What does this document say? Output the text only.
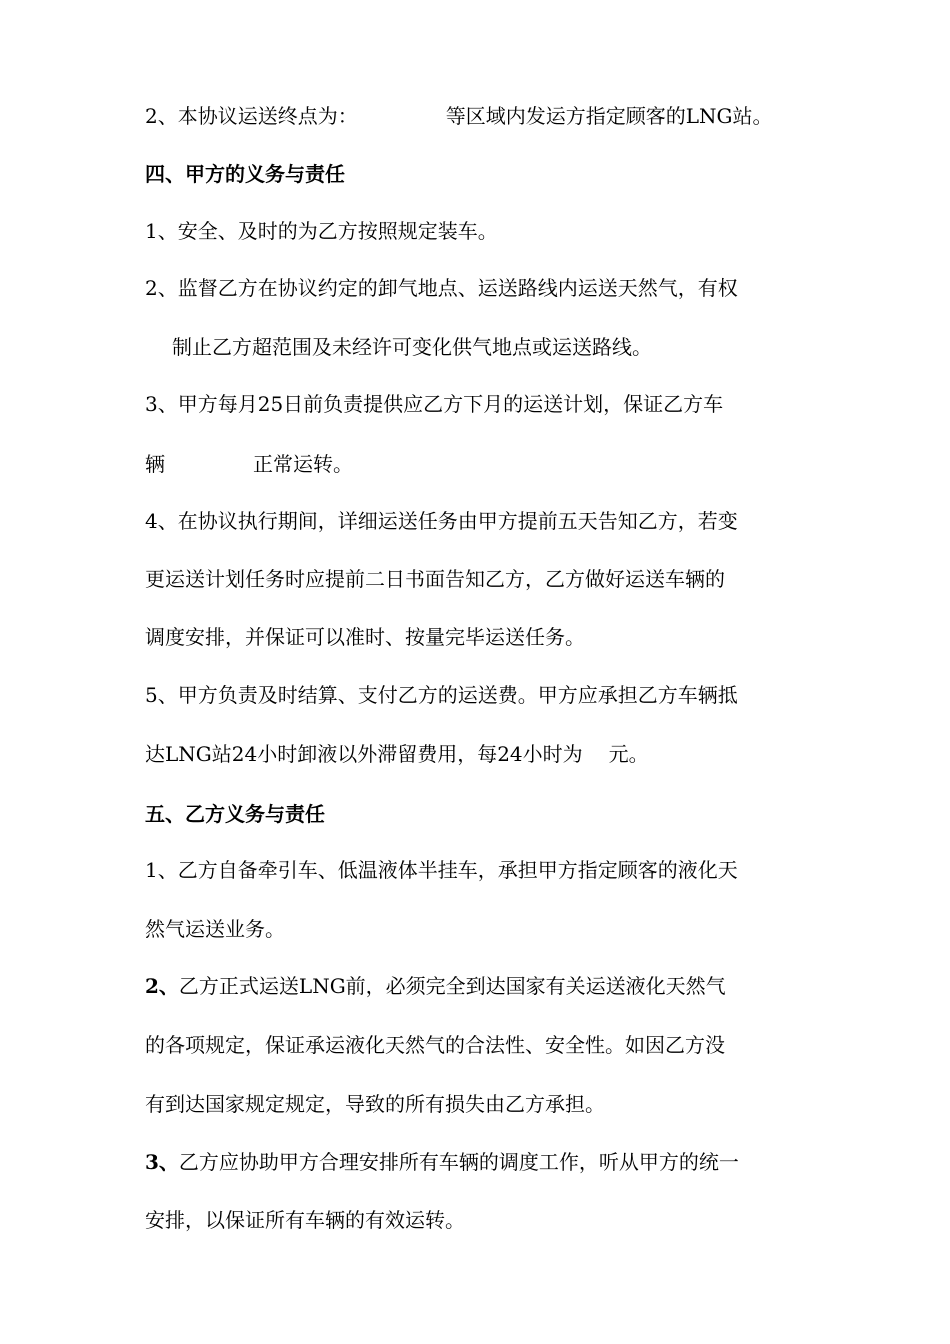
2、本协议运送终点为：	等区域内发运方指定顾客的LNG站。
四、甲方的义务与责任
1、安全、及时的为乙方按照规定装车。
2、监督乙方在协议约定的卸气地点、运送路线内运送天然气，有权
制止乙方超范围及未经许可变化供气地点或运送路线。
3、甲方每月25日前负责提供应乙方下月的运送计划，保证乙方车
辆	正常运转。
4、在协议执行期间，详细运送任务由甲方提前五天告知乙方，若变
更运送计划任务时应提前二日书面告知乙方，乙方做好运送车辆的
调度安排，并保证可以准时、按量完毕运送任务。
5、甲方负责及时结算、支付乙方的运送费。甲方应承担乙方车辆抵
达LNG站24小时卸液以外滞留费用，每24小时为 元。
五、乙方义务与责任
1、乙方自备牵引车、低温液体半挂车，承担甲方指定顾客的液化天
然气运送业务。
2、乙方正式运送LNG前，必须完全到达国家有关运送液化天然气
的各项规定，保证承运液化天然气的合法性、安全性。如因乙方没
有到达国家规定规定，导致的所有损失由乙方承担。
3、乙方应协助甲方合理安排所有车辆的调度工作，听从甲方的统一
安排，以保证所有车辆的有效运转。
